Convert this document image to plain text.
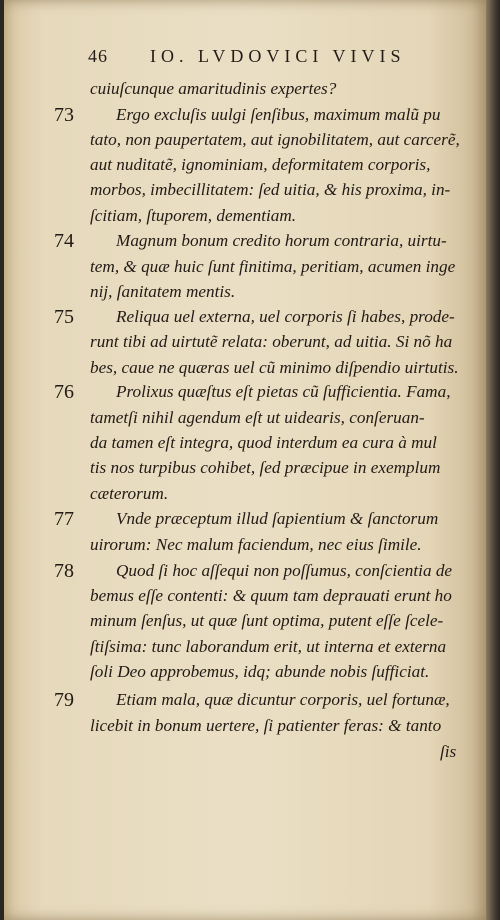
46 IO. LVDOVICI VIVIS
73
74
75
76
77
78
79
cuiuſcunque amaritudinis expertes?
Ergo excluſis uulgi ſenſibus, maximum malũ pu
tato, non paupertatem, aut ignobilitatem, aut carcerẽ,
aut nuditatẽ, ignominiam, deformitatem corporis,
morbos, imbecillitatem: ſed uitia, & his proxima, in-
ſcitiam, ſtuporem, dementiam.
Magnum bonum credito horum contraria, uirtu-
tem, & quæ huic ſunt finitima, peritiam, acumen inge
nij, ſanitatem mentis.
Reliqua uel externa, uel corporis ſi habes, prode-
runt tibi ad uirtutẽ relata: oberunt, ad uitia. Si nõ ha
bes, caue ne quæras uel cũ minimo diſpendio uirtutis.
Prolixus quæſtus eſt pietas cũ ſufficientia. Fama,
tametſi nihil agendum eſt ut uidearis, conſeruan-
da tamen eſt integra, quod interdum ea cura à mul
tis nos turpibus cohibet, ſed præcipue in exemplum
cæterorum.
Vnde præceptum illud ſapientium & ſanctorum
uirorum: Nec malum faciendum, nec eius ſimile.
Quod ſi hoc aſſequi non poſſumus, conſcientia de
bemus eſſe contenti: & quum tam deprauati erunt ho
minum ſenſus, ut quæ ſunt optima, putent eſſe ſcele-
ſtiſsima: tunc laborandum erit, ut interna et externa
ſoli Deo approbemus, idq; abunde nobis ſufficiat.
Etiam mala, quæ dicuntur corporis, uel fortunæ,
licebit in bonum uertere, ſi patienter feras: & tanto
ſis
